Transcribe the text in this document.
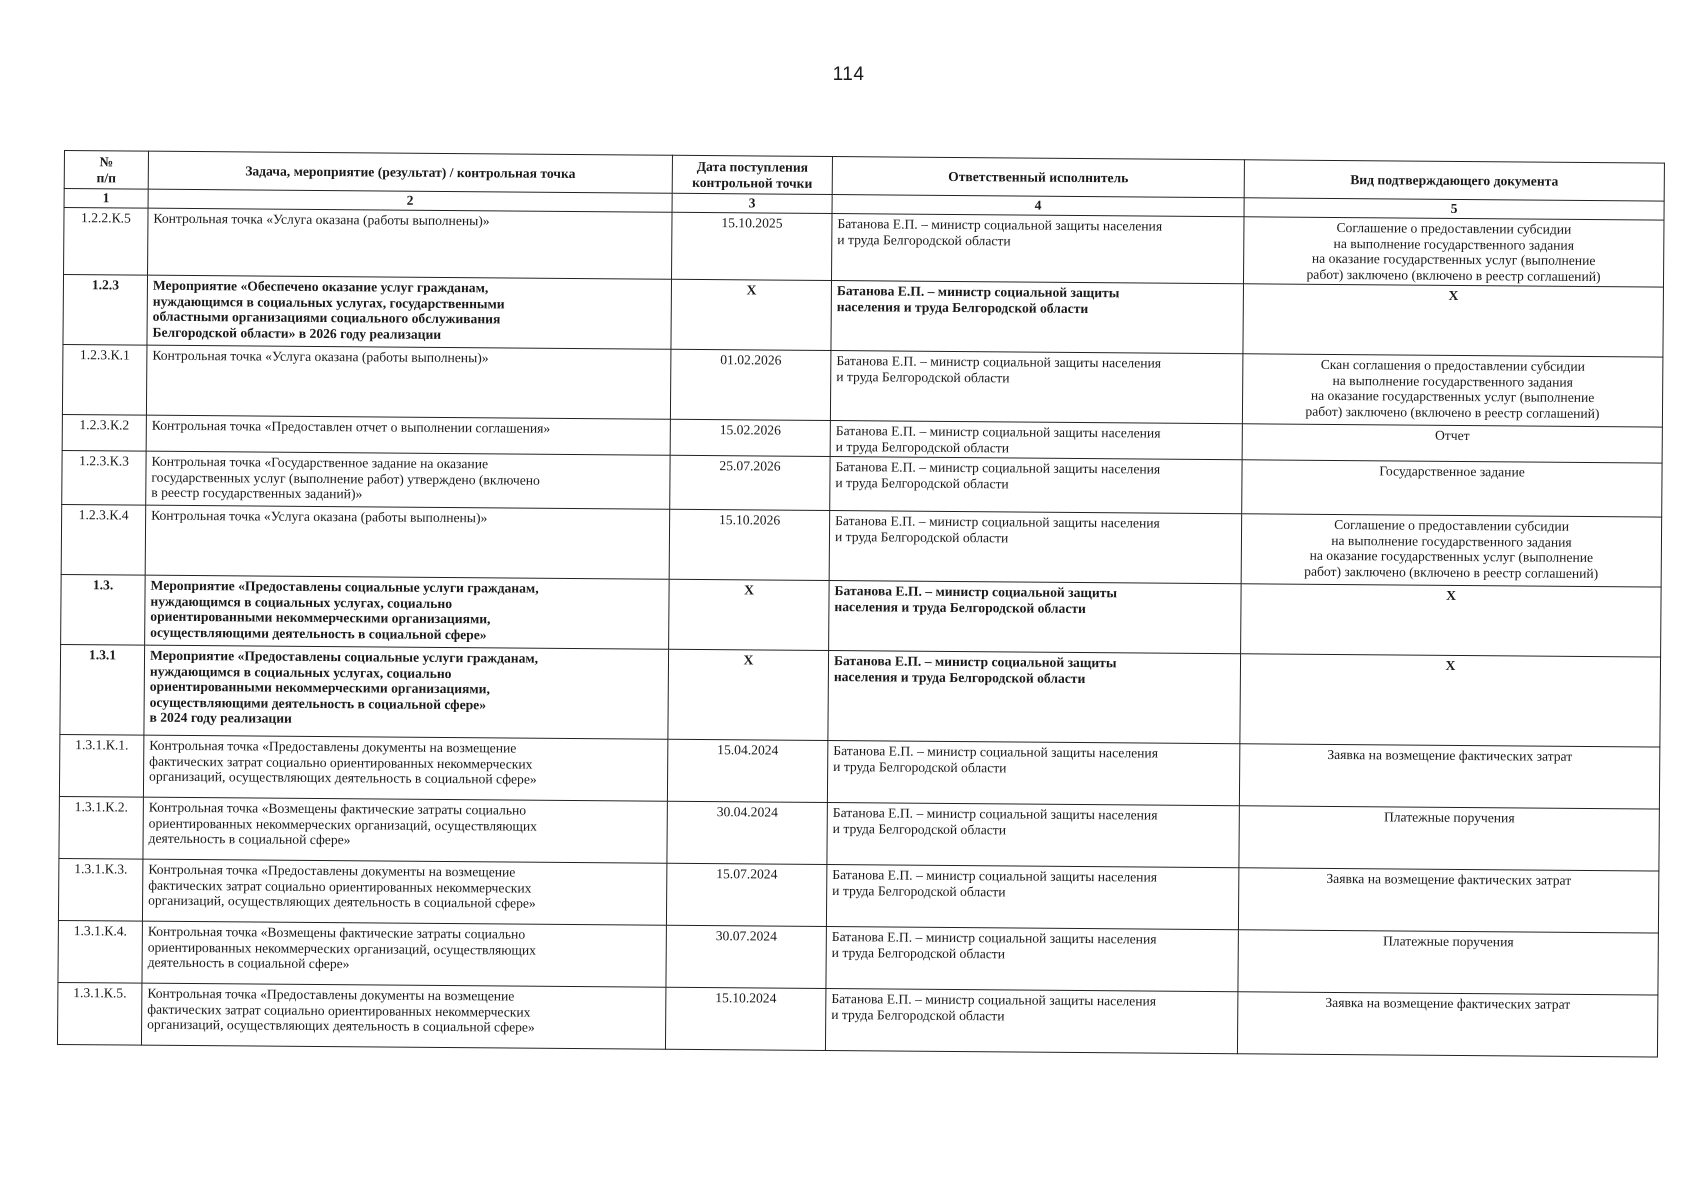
114
№
п/п	Задача, мероприятие (результат) / контрольная точка	Дата поступления
контрольной точки	Ответственный исполнитель	Вид подтверждающего документа

1	2	3	4	5
1.2.2.К.5	Контрольная точка «Услуга оказана (работы выполнены)»	15.10.2025	Батанова Е.П. – министр социальной защиты населения
и труда Белгородской области	Соглашение о предоставлении субсидии
на выполнение государственного задания
на оказание государственных услуг (выполнение
работ) заключено (включено в реестр соглашений)

1.2.3	Мероприятие «Обеспечено оказание услуг гражданам,
нуждающимся в социальных услугах, государственными
областными организациями социального обслуживания
Белгородской области» в 2026 году реализации	Х	Батанова Е.П. – министр социальной защиты
населения и труда Белгородской области	Х

1.2.3.К.1	Контрольная точка «Услуга оказана (работы выполнены)»	01.02.2026	Батанова Е.П. – министр социальной защиты населения
и труда Белгородской области	Скан соглашения о предоставлении субсидии
на выполнение государственного задания
на оказание государственных услуг (выполнение
работ) заключено (включено в реестр соглашений)

1.2.3.К.2	Контрольная точка «Предоставлен отчет о выполнении соглашения»	15.02.2026	Батанова Е.П. – министр социальной защиты населения
и труда Белгородской области	Отчет

1.2.3.К.3	Контрольная точка «Государственное задание на оказание
государственных услуг (выполнение работ) утверждено (включено
в реестр государственных заданий)»	25.07.2026	Батанова Е.П. – министр социальной защиты населения
и труда Белгородской области	Государственное задание

1.2.3.К.4	Контрольная точка «Услуга оказана (работы выполнены)»	15.10.2026	Батанова Е.П. – министр социальной защиты населения
и труда Белгородской области	Соглашение о предоставлении субсидии
на выполнение государственного задания
на оказание государственных услуг (выполнение
работ) заключено (включено в реестр соглашений)

1.3.	Мероприятие «Предоставлены социальные услуги гражданам,
нуждающимся в социальных услугах, социально
ориентированными некоммерческими организациями,
осуществляющими деятельность в социальной сфере»	Х	Батанова Е.П. – министр социальной защиты
населения и труда Белгородской области	Х

1.3.1	Мероприятие «Предоставлены социальные услуги гражданам,
нуждающимся в социальных услугах, социально
ориентированными некоммерческими организациями,
осуществляющими деятельность в социальной сфере»
в 2024 году реализации	Х	Батанова Е.П. – министр социальной защиты
населения и труда Белгородской области	Х

1.3.1.К.1.	Контрольная точка «Предоставлены документы на возмещение
фактических затрат социально ориентированных некоммерческих
организаций, осуществляющих деятельность в социальной сфере»	15.04.2024	Батанова Е.П. – министр социальной защиты населения
и труда Белгородской области	Заявка на возмещение фактических затрат

1.3.1.К.2.	Контрольная точка «Возмещены фактические затраты социально
ориентированных некоммерческих организаций, осуществляющих
деятельность в социальной сфере»	30.04.2024	Батанова Е.П. – министр социальной защиты населения
и труда Белгородской области	Платежные поручения

1.3.1.К.3.	Контрольная точка «Предоставлены документы на возмещение
фактических затрат социально ориентированных некоммерческих
организаций, осуществляющих деятельность в социальной сфере»	15.07.2024	Батанова Е.П. – министр социальной защиты населения
и труда Белгородской области	Заявка на возмещение фактических затрат

1.3.1.К.4.	Контрольная точка «Возмещены фактические затраты социально
ориентированных некоммерческих организаций, осуществляющих
деятельность в социальной сфере»	30.07.2024	Батанова Е.П. – министр социальной защиты населения
и труда Белгородской области	Платежные поручения

1.3.1.К.5.	Контрольная точка «Предоставлены документы на возмещение
фактических затрат социально ориентированных некоммерческих
организаций, осуществляющих деятельность в социальной сфере»	15.10.2024	Батанова Е.П. – министр социальной защиты населения
и труда Белгородской области	Заявка на возмещение фактических затрат
